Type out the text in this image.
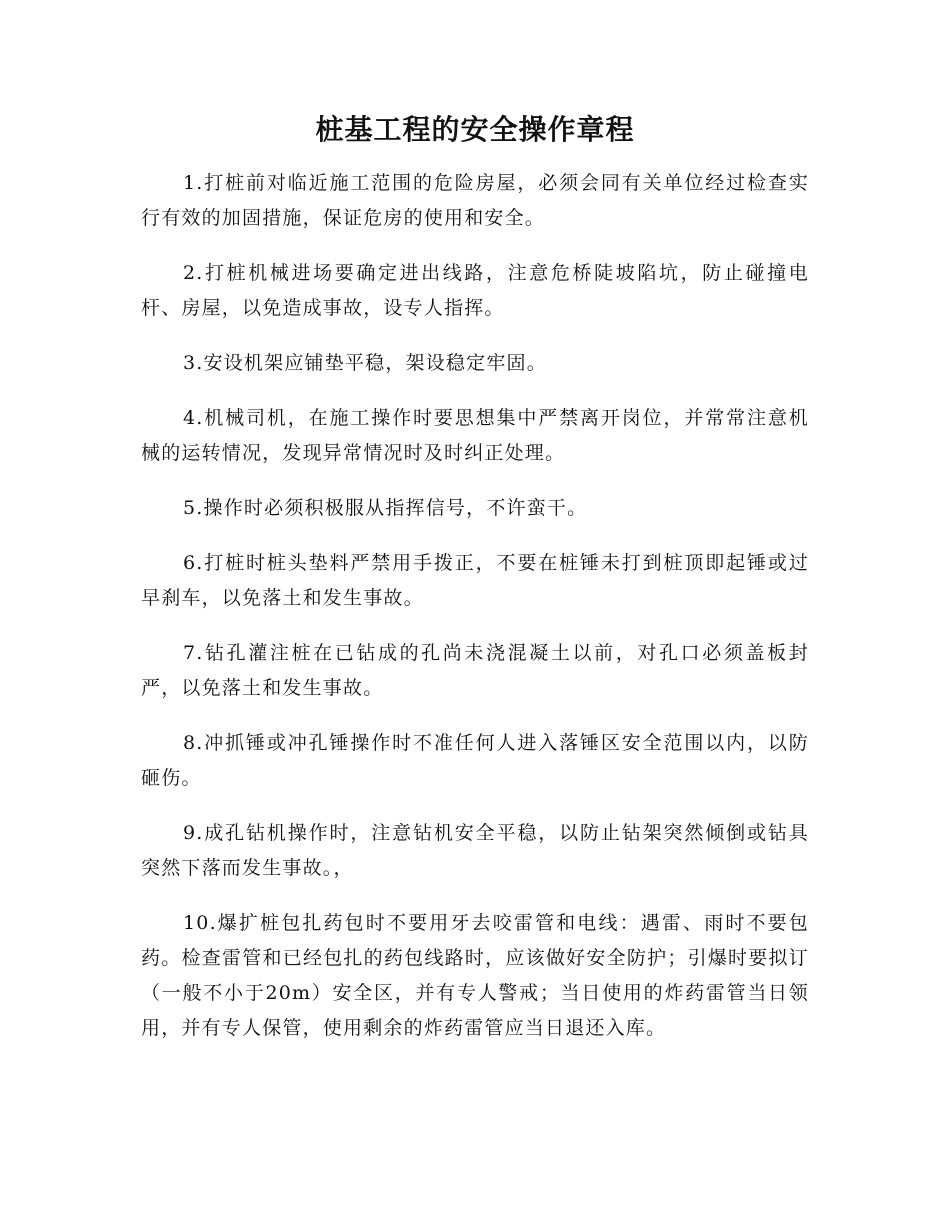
桩基工程的安全操作章程
1.打桩前对临近施工范围的危险房屋，必须会同有关单位经过检查实行有效的加固措施，保证危房的使用和安全。
2.打桩机械进场要确定进出线路，注意危桥陡坡陷坑，防止碰撞电杆、房屋，以免造成事故，设专人指挥。
3.安设机架应铺垫平稳，架设稳定牢固。
4.机械司机，在施工操作时要思想集中严禁离开岗位，并常常注意机械的运转情况，发现异常情况时及时纠正处理。
5.操作时必须积极服从指挥信号，不许蛮干。
6.打桩时桩头垫料严禁用手拨正，不要在桩锤未打到桩顶即起锤或过早刹车，以免落土和发生事故。
7.钻孔灌注桩在已钻成的孔尚未浇混凝土以前，对孔口必须盖板封严，以免落土和发生事故。
8.冲抓锤或冲孔锤操作时不准任何人进入落锤区安全范围以内，以防砸伤。
9.成孔钻机操作时，注意钻机安全平稳，以防止钻架突然倾倒或钻具突然下落而发生事故。，
10.爆扩桩包扎药包时不要用牙去咬雷管和电线：遇雷、雨时不要包药。检查雷管和已经包扎的药包线路时，应该做好安全防护；引爆时要拟订（一般不小于20m）安全区，并有专人警戒；当日使用的炸药雷管当日领用，并有专人保管，使用剩余的炸药雷管应当日退还入库。
